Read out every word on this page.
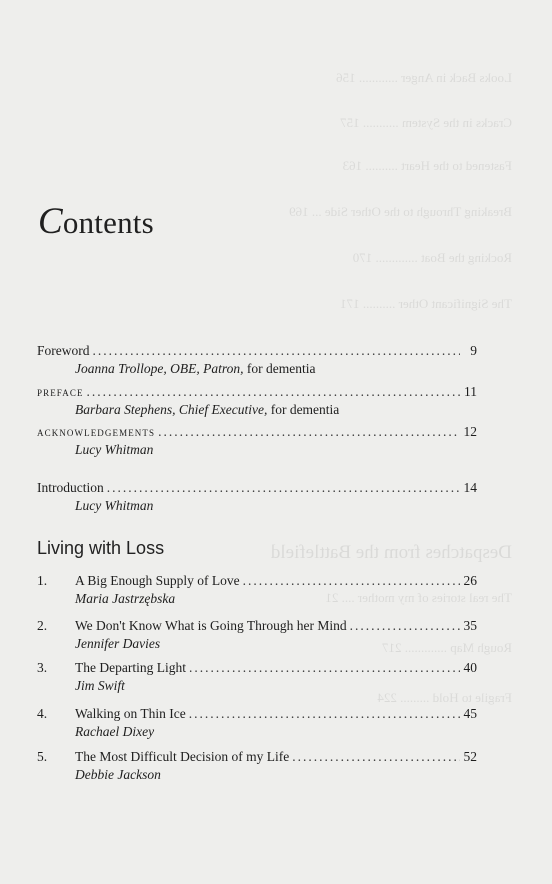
Looks Back in Anger ............ 156
Cracks in the System ........... 157
Fastened to the Heart .......... 163
Breaking Through to the Other Side ... 169
Rocking the Boat ............. 170
The Significant Other .......... 171
Despatches from the Battlefield
The real stories of my mother .... 21
Rough Map ............. 217
Fragile to Hold ......... 224
Contents
Foreword .....	9
Joanna Trollope, OBE, Patron, for dementia
preface .....	11
Barbara Stephens, Chief Executive, for dementia
acknowledgements .....	12
Lucy Whitman
Introduction .....	14
Lucy Whitman
Living with Loss
1.	A Big Enough Supply of Love .....	26
Maria Jastrzębska
2.	We Don't Know What is Going Through her Mind .....	35
Jennifer Davies
3.	The Departing Light .....	40
Jim Swift
4.	Walking on Thin Ice .....	45
Rachael Dixey
5.	The Most Difficult Decision of my Life .....	52
Debbie Jackson
